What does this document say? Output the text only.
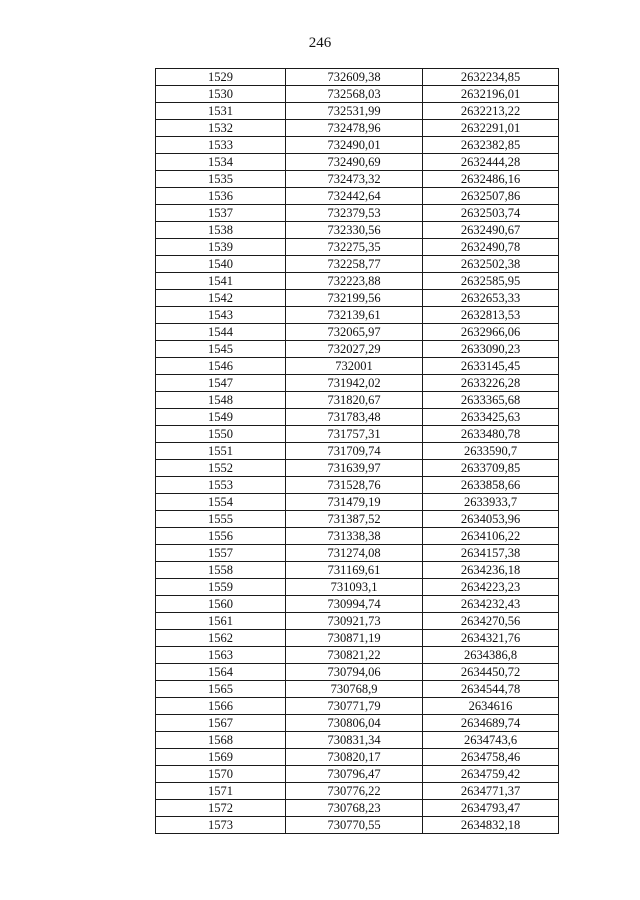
246
1529	732609,38	2632234,85
1530	732568,03	2632196,01
1531	732531,99	2632213,22
1532	732478,96	2632291,01
1533	732490,01	2632382,85
1534	732490,69	2632444,28
1535	732473,32	2632486,16
1536	732442,64	2632507,86
1537	732379,53	2632503,74
1538	732330,56	2632490,67
1539	732275,35	2632490,78
1540	732258,77	2632502,38
1541	732223,88	2632585,95
1542	732199,56	2632653,33
1543	732139,61	2632813,53
1544	732065,97	2632966,06
1545	732027,29	2633090,23
1546	732001	2633145,45
1547	731942,02	2633226,28
1548	731820,67	2633365,68
1549	731783,48	2633425,63
1550	731757,31	2633480,78
1551	731709,74	2633590,7
1552	731639,97	2633709,85
1553	731528,76	2633858,66
1554	731479,19	2633933,7
1555	731387,52	2634053,96
1556	731338,38	2634106,22
1557	731274,08	2634157,38
1558	731169,61	2634236,18
1559	731093,1	2634223,23
1560	730994,74	2634232,43
1561	730921,73	2634270,56
1562	730871,19	2634321,76
1563	730821,22	2634386,8
1564	730794,06	2634450,72
1565	730768,9	2634544,78
1566	730771,79	2634616
1567	730806,04	2634689,74
1568	730831,34	2634743,6
1569	730820,17	2634758,46
1570	730796,47	2634759,42
1571	730776,22	2634771,37
1572	730768,23	2634793,47
1573	730770,55	2634832,18
